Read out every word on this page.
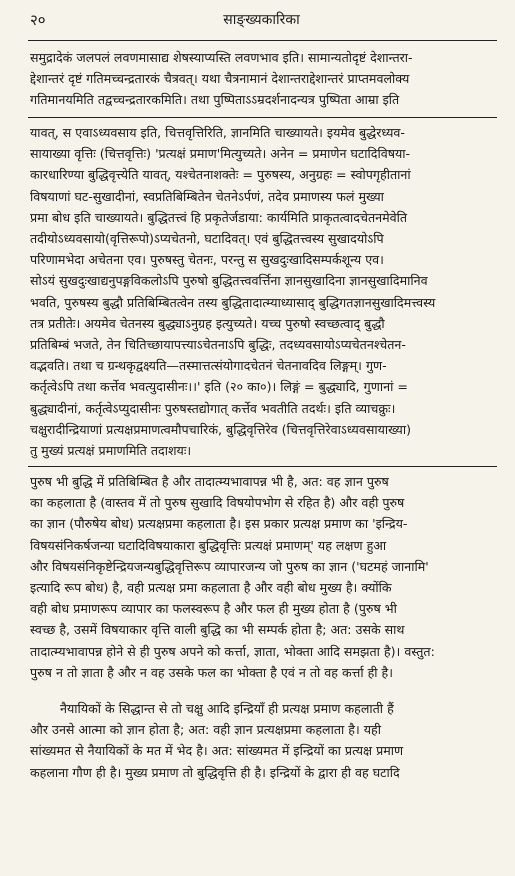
२०	साङ्ख्यकारिका
समुद्रादेकं जलपलं लवणमासाद्य शेषस्याप्यस्ति लवणभाव इति। सामान्यतोदृष्टं देशान्तरा-
द्देशान्तरं दृष्टं गतिमच्चन्द्रतारकं चैत्रवत्। यथा चैत्रनामानं देशान्तराद्देशान्तरं प्राप्तमवलोक्य
गतिमानयमिति तद्वच्चन्द्रतारकमिति। तथा पुष्पिताऽऽम्रदर्शनादन्यत्र पुष्पिता आम्रा इति
यावत्, स एवाऽध्यवसाय इति, चित्तवृत्तिरिति, ज्ञानमिति चाख्यायते। इयमेव बुद्धेरध्यव-
सायाख्या वृत्तिः (चित्तवृत्तिः) 'प्रत्यक्षं प्रमाण'मित्युच्यते। अनेन = प्रमाणेन घटादिविषया-
कारधारिण्या बुद्धिवृत्त्येति यावत्, यश्चेतनाशक्तेः = पुरुषस्य, अनुग्रहः = स्वोपगृहीतानां
विषयाणां घट-सुखादीनां, स्वप्रतिबिम्बितेन चेतनेऽर्पणं, तदेव प्रमाणस्य फलं मुख्या
प्रमा बोध इति चाख्यायते। बुद्धितत्त्वं हि प्रकृतेर्जडाया: कार्यमिति प्राकृतत्वादचेतनमेवेति
तदीयोऽध्यवसायो(वृत्तिरूपो)ऽप्यचेतनो, घटादिवत्। एवं बुद्धितत्त्वस्य सुखादयोऽपि
परिणामभेदा अचेतना एव। पुरुषस्तु चेतनः, परन्तु स सुखदुःखादिसम्पर्कशून्य एव।
सोऽयं सुखदुःखाद्यनुपङ्गविकलोऽपि पुरुषो बुद्धितत्त्ववर्त्तिना ज्ञानसुखादिना ज्ञानसुखादिमानिव
भवति, पुरुषस्य बुद्धौ प्रतिबिम्बितत्वेन तस्य बुद्धितादात्म्याध्यासाद् बुद्धिगतज्ञानसुखादिमत्त्वस्य
तत्र प्रतीतेः। अयमेव चेतनस्य बुद्ध्याऽनुग्रह इत्युच्यते। यच्च पुरुषो स्वच्छत्वाद् बुद्धौ
प्रतिबिम्बं भजते, तेन चितिच्छायापत्त्याऽचेतनाऽपि बुद्धिः, तदध्यवसायोऽप्यचेतनश्चेतन-
वद्भवति। तथा च ग्रन्थकृद्वक्ष्यति—तस्मात्तत्संयोगादचेतनं चेतनावदिव लिङ्गम्। गुण-
कर्तृत्वेऽपि तथा कर्त्तेव भवत्युदासीनः।।' इति (२० का०)। लिङ्गं = बुद्ध्यादि, गुणानां =
बुद्ध्यादीनां, कर्तृत्वेऽप्युदासीनः पुरुषस्तद्योगात् कर्त्तेव भवतीति तदर्थः। इति व्याचक्रुः।
चक्षुरादीन्द्रियाणां प्रत्यक्षप्रमाणत्वमौपचारिकं, बुद्धिवृत्तिरेव (चित्तवृत्तिरेवाऽध्यवसायाख्या)
तु मुख्यं प्रत्यक्षं प्रमाणमिति तदाशयः।
पुरुष भी बुद्धि में प्रतिबिम्बित है और तादात्म्यभावापन्न भी है, अत: वह ज्ञान पुरुष
का कहलाता है (वास्तव में तो पुरुष सुखादि विषयोपभोग से रहित है) और वही पुरुष
का ज्ञान (पौरुषेय बोध) प्रत्यक्षप्रमा कहलाता है। इस प्रकार प्रत्यक्ष प्रमाण का 'इन्द्रिय-
विषयसंनिकर्षजन्या घटादिविषयाकारा बुद्धिवृत्तिः प्रत्यक्षं प्रमाणम्' यह लक्षण हुआ
और विषयसंनिकृष्टेन्द्रियजन्यबुद्धिवृत्तिरूप व्यापारजन्य जो पुरुष का ज्ञान ('घटमहं जानामि'
इत्यादि रूप बोध) है, वही प्रत्यक्ष प्रमा कहलाता है और वही बोध मुख्य है। क्योंकि
वही बोध प्रमाणरूप व्यापार का फलस्वरूप है और फल ही मुख्य होता है (पुरुष भी
स्वच्छ है, उसमें विषयाकार वृत्ति वाली बुद्धि का भी सम्पर्क होता है; अत: उसके साथ
तादात्म्यभावापन्न होने से ही पुरुष अपने को कर्त्ता, ज्ञाता, भोक्ता आदि समझता है)। वस्तुत:
पुरुष न तो ज्ञाता है और न वह उसके फल का भोक्ता है एवं न तो वह कर्त्ता ही है।
नैयायिकों के सिद्धान्त से तो चक्षु आदि इन्द्रियाँ ही प्रत्यक्ष प्रमाण कहलाती हैं
और उनसे आत्मा को ज्ञान होता है; अत: वही ज्ञान प्रत्यक्षप्रमा कहलाता है। यही
सांख्यमत से नैयायिकों के मत में भेद है। अत: सांख्यमत में इन्द्रियों का प्रत्यक्ष प्रमाण
कहलाना गौण ही है। मुख्य प्रमाण तो बुद्धिवृत्ति ही है। इन्द्रियों के द्वारा ही वह घटादि
